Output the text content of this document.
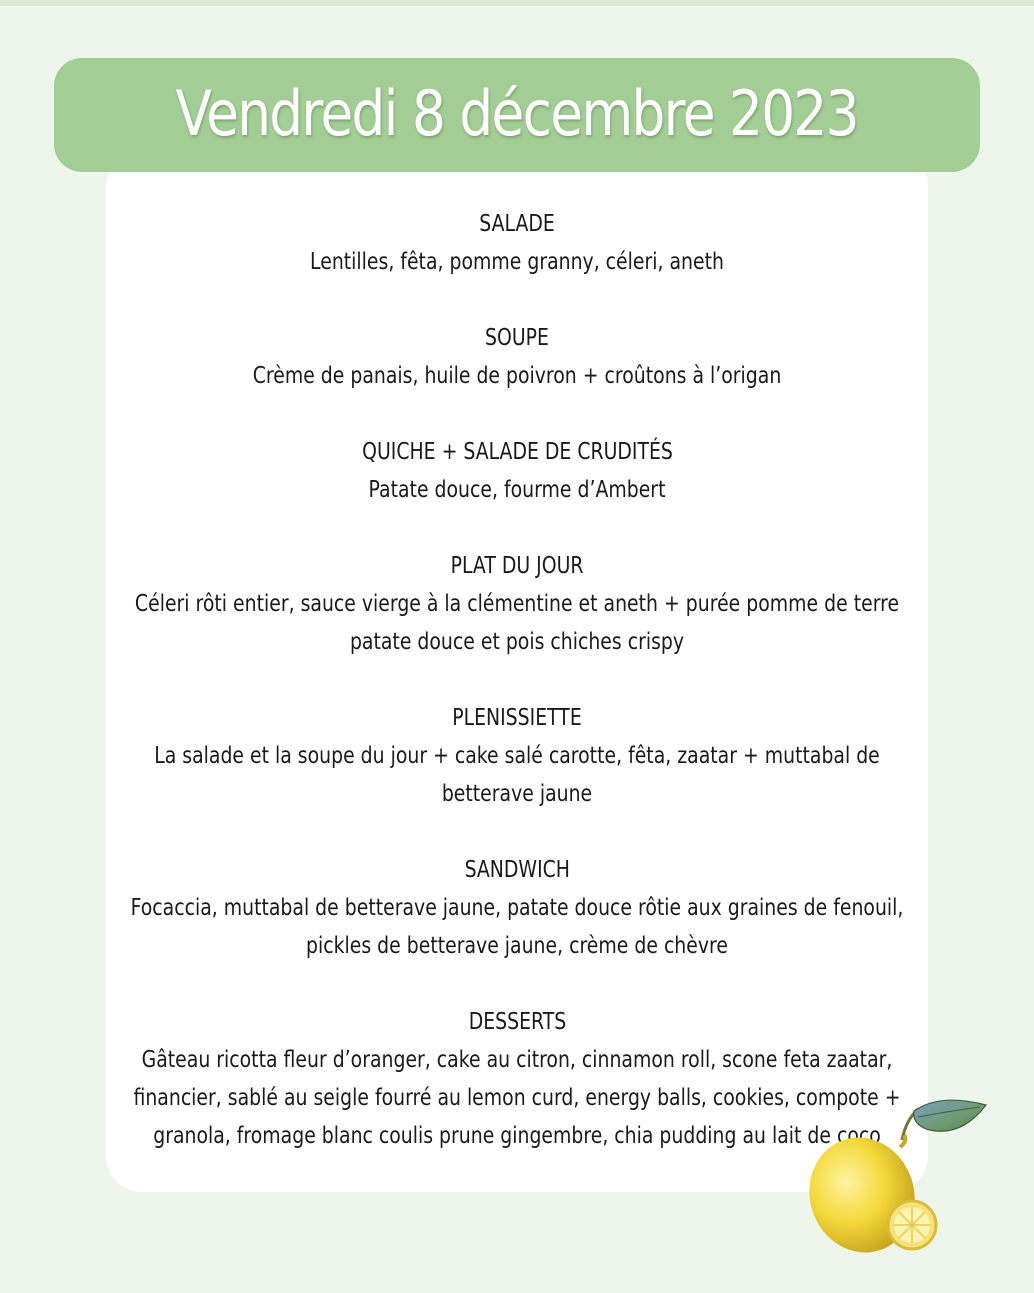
Vendredi 8 décembre 2023
SALADE
Lentilles, fêta, pomme granny, céleri, aneth
SOUPE
Crème de panais, huile de poivron + croûtons à l’origan
QUICHE + SALADE DE CRUDITÉS
Patate douce, fourme d’Ambert
PLAT DU JOUR
Céleri rôti entier, sauce vierge à la clémentine et aneth + purée pomme de terre patate douce et pois chiches crispy
PLENISSIETTE
La salade et la soupe du jour + cake salé carotte, fêta, zaatar + muttabal de betterave jaune
SANDWICH
Focaccia, muttabal de betterave jaune, patate douce rôtie aux graines de fenouil, pickles de betterave jaune, crème de chèvre
DESSERTS
Gâteau ricotta fleur d’oranger, cake au citron, cinnamon roll, scone feta zaatar, financier, sablé au seigle fourré au lemon curd, energy balls, cookies, compote + granola, fromage blanc coulis prune gingembre, chia pudding au lait de coco
